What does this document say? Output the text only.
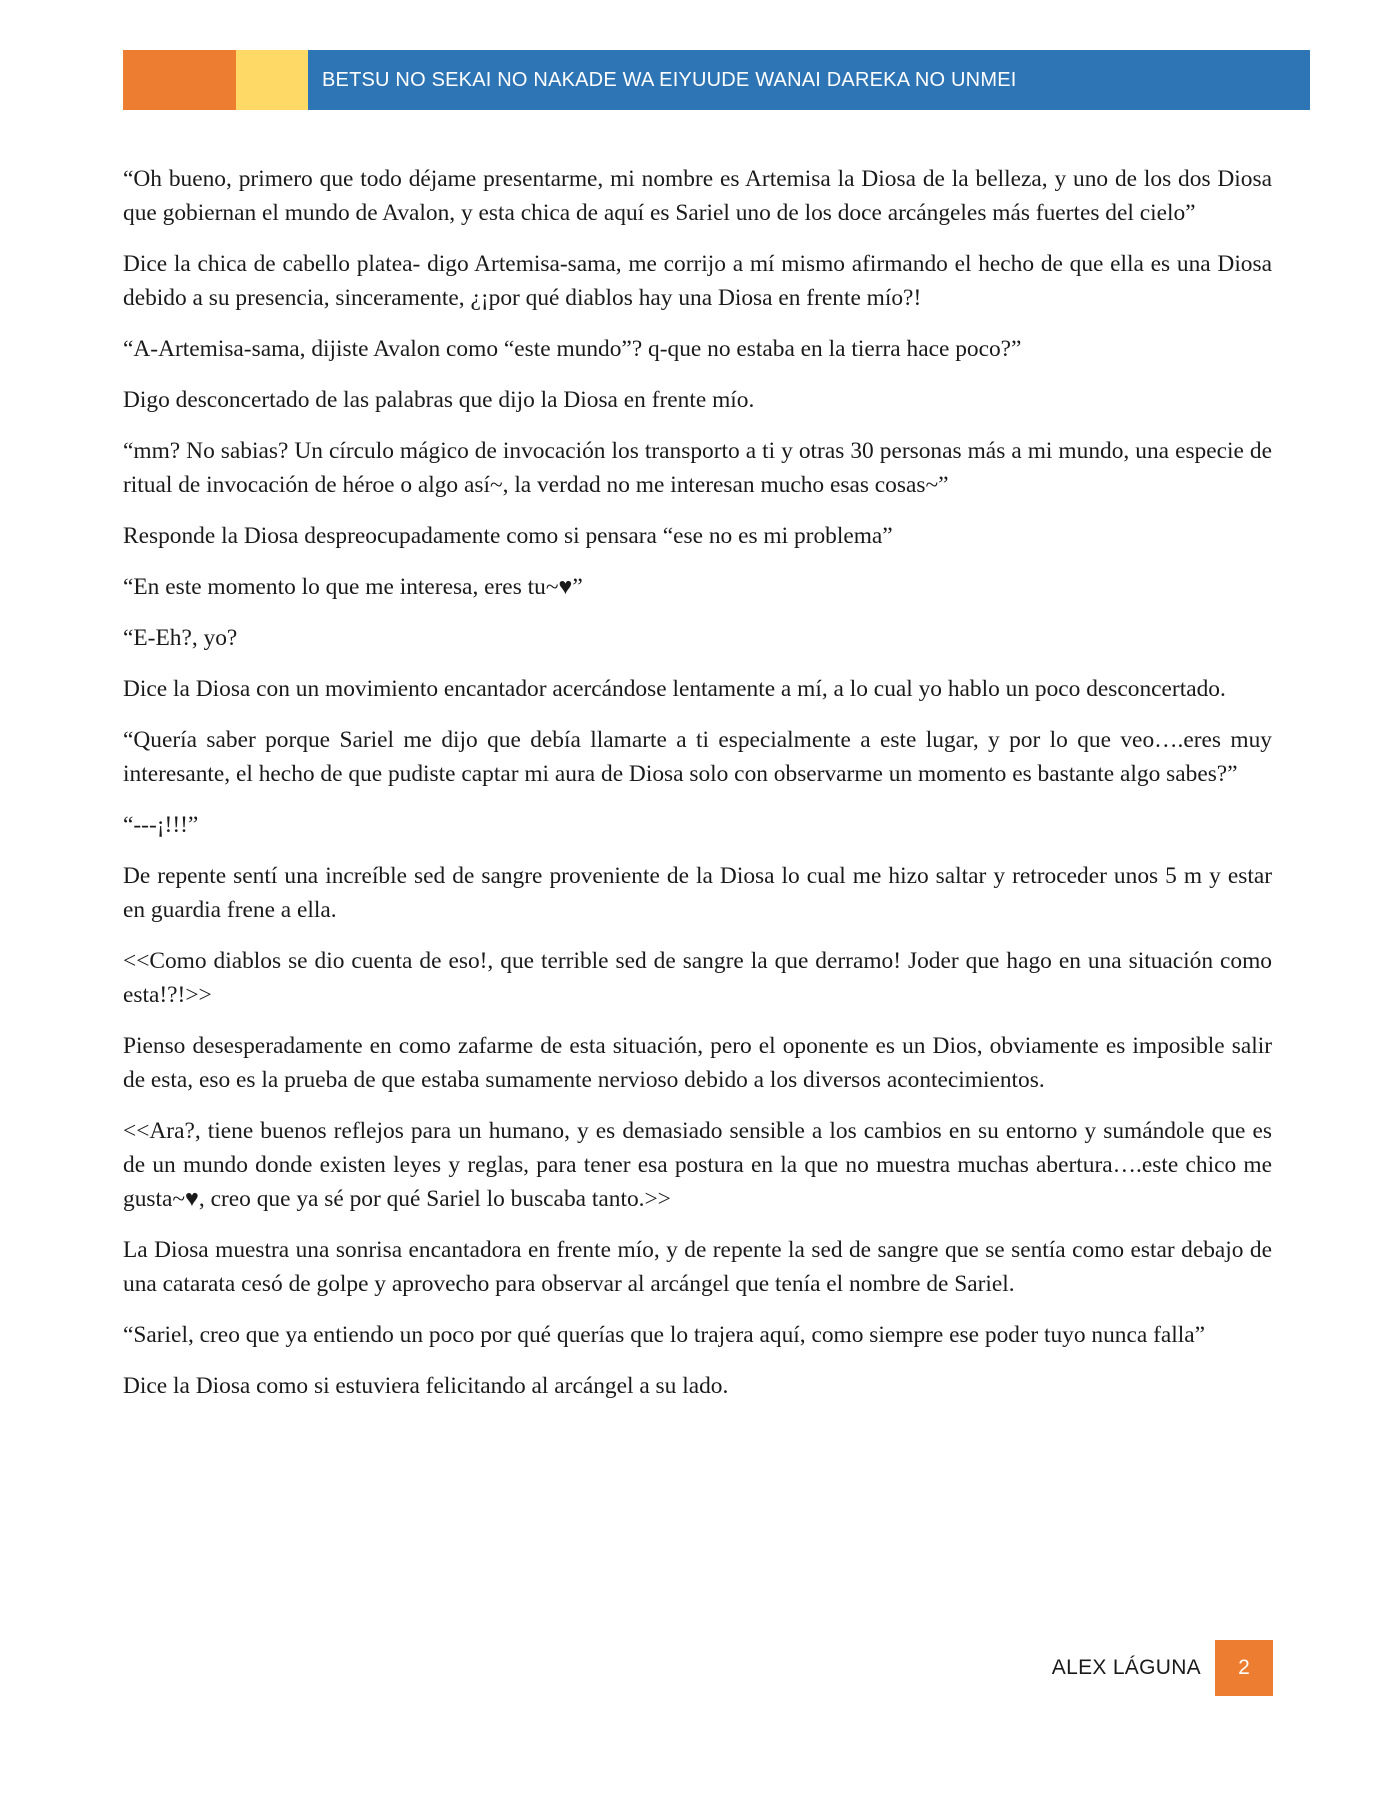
BETSU NO SEKAI NO NAKADE WA EIYUUDE WANAI DAREKA NO UNMEI

“Oh bueno, primero que todo déjame presentarme, mi nombre es Artemisa la Diosa de la belleza, y uno de los dos Diosa que gobiernan el mundo de Avalon, y esta chica de aquí es Sariel uno de los doce arcángeles más fuertes del cielo”

Dice la chica de cabello platea- digo Artemisa-sama, me corrijo a mí mismo afirmando el hecho de que ella es una Diosa debido a su presencia, sinceramente, ¿¡por qué diablos hay una Diosa en frente mío?!

“A-Artemisa-sama, dijiste Avalon como “este mundo”? q-que no estaba en la tierra hace poco?”

Digo desconcertado de las palabras que dijo la Diosa en frente mío.

“mm? No sabias? Un círculo mágico de invocación los transporto a ti y otras 30 personas más a mi mundo, una especie de ritual de invocación de héroe o algo así~, la verdad no me interesan mucho esas cosas~”

Responde la Diosa despreocupadamente como si pensara “ese no es mi problema”

“En este momento lo que me interesa, eres tu~♥”

“E-Eh?, yo?

Dice la Diosa con un movimiento encantador acercándose lentamente a mí, a lo cual yo hablo un poco desconcertado.

“Quería saber porque Sariel me dijo que debía llamarte a ti especialmente a este lugar, y por lo que veo….eres muy interesante, el hecho de que pudiste captar mi aura de Diosa solo con observarme un momento es bastante algo sabes?”

“---¡!!!”

De repente sentí una increíble sed de sangre proveniente de la Diosa lo cual me hizo saltar y retroceder unos 5 m y estar en guardia frene a ella.

<<Como diablos se dio cuenta de eso!, que terrible sed de sangre la que derramo! Joder que hago en una situación como esta!?!>>

Pienso desesperadamente en como zafarme de esta situación, pero el oponente es un Dios, obviamente es imposible salir de esta, eso es la prueba de que estaba sumamente nervioso debido a los diversos acontecimientos.

<<Ara?, tiene buenos reflejos para un humano, y es demasiado sensible a los cambios en su entorno y sumándole que es de un mundo donde existen leyes y reglas, para tener esa postura en la que no muestra muchas abertura….este chico me gusta~♥, creo que ya sé por qué Sariel lo buscaba tanto.>>

La Diosa muestra una sonrisa encantadora en frente mío, y de repente la sed de sangre que se sentía como estar debajo de una catarata cesó de golpe y aprovecho para observar al arcángel que tenía el nombre de Sariel.

“Sariel, creo que ya entiendo un poco por qué querías que lo trajera aquí, como siempre ese poder tuyo nunca falla”

Dice la Diosa como si estuviera felicitando al arcángel a su lado.

ALEX LÁGUNA 2
